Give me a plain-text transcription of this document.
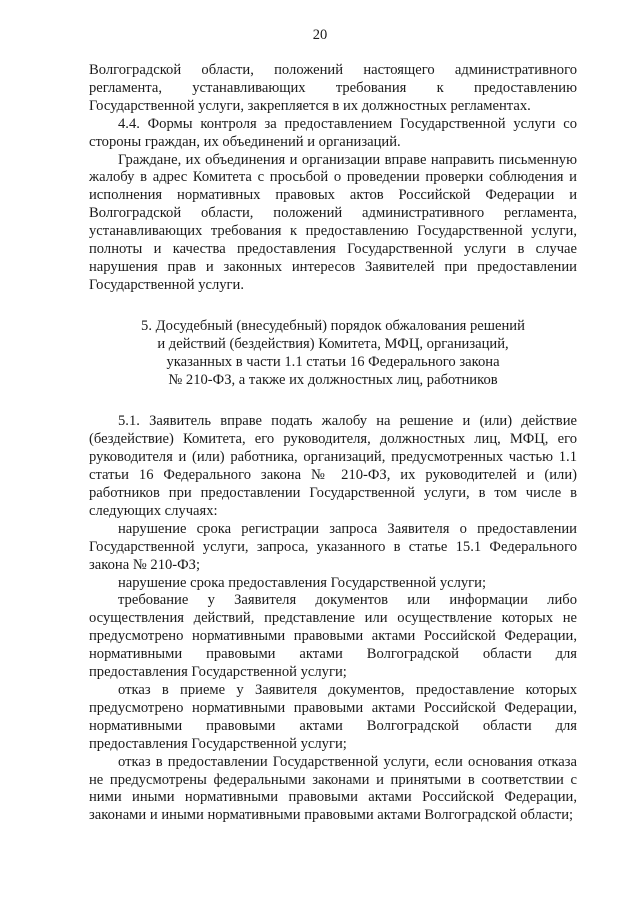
20

Волгоградской области, положений настоящего административного регламента, устанавливающих требования к предоставлению Государственной услуги, закрепляется в их должностных регламентах.

4.4. Формы контроля за предоставлением Государственной услуги со стороны граждан, их объединений и организаций.

Граждане, их объединения и организации вправе направить письменную жалобу в адрес Комитета с просьбой о проведении проверки соблюдения и исполнения нормативных правовых актов Российской Федерации и Волгоградской области, положений административного регламента, устанавливающих требования к предоставлению Государственной услуги, полноты и качества предоставления Государственной услуги в случае нарушения прав и законных интересов Заявителей при предоставлении Государственной услуги.

5. Досудебный (внесудебный) порядок обжалования решений
и действий (бездействия) Комитета, МФЦ, организаций,
указанных в части 1.1 статьи 16 Федерального закона
№ 210-ФЗ, а также их должностных лиц, работников

5.1. Заявитель вправе подать жалобу на решение и (или) действие (бездействие) Комитета, его руководителя, должностных лиц, МФЦ, его руководителя и (или) работника, организаций, предусмотренных частью 1.1 статьи 16 Федерального закона № 210-ФЗ, их руководителей и (или) работников при предоставлении Государственной услуги, в том числе в следующих случаях:

нарушение срока регистрации запроса Заявителя о предоставлении Государственной услуги, запроса, указанного в статье 15.1 Федерального закона № 210-ФЗ;

нарушение срока предоставления Государственной услуги;

требование у Заявителя документов или информации либо осуществления действий, представление или осуществление которых не предусмотрено нормативными правовыми актами Российской Федерации, нормативными правовыми актами Волгоградской области для предоставления Государственной услуги;

отказ в приеме у Заявителя документов, предоставление которых предусмотрено нормативными правовыми актами Российской Федерации, нормативными правовыми актами Волгоградской области для предоставления Государственной услуги;

отказ в предоставлении Государственной услуги, если основания отказа не предусмотрены федеральными законами и принятыми в соответствии с ними иными нормативными правовыми актами Российской Федерации, законами и иными нормативными правовыми актами Волгоградской области;
